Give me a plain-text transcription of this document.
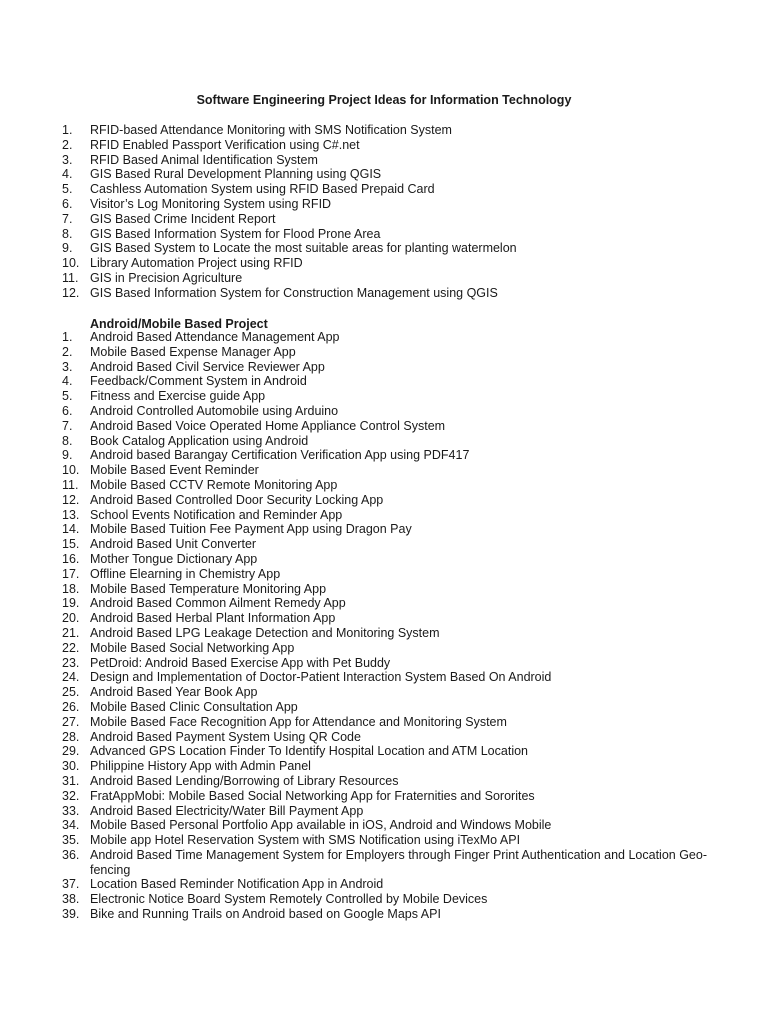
Software Engineering Project Ideas for Information Technology
1.	RFID-based Attendance Monitoring with SMS Notification System
2.	RFID Enabled Passport Verification using C#.net
3.	RFID Based Animal Identification System
4.	GIS Based Rural Development Planning using QGIS
5.	Cashless Automation System using RFID Based Prepaid Card
6.	Visitor’s Log Monitoring System using RFID
7.	GIS Based Crime Incident Report
8.	GIS Based Information System for Flood Prone Area
9.	GIS Based System to Locate the most suitable areas for planting watermelon
10. Library Automation Project using RFID
11. GIS in Precision Agriculture
12. GIS Based Information System for Construction Management using QGIS
Android/Mobile Based Project
1.	Android Based Attendance Management App
2.	Mobile Based Expense Manager App
3.	Android Based Civil Service Reviewer App
4.	Feedback/Comment System in Android
5.	Fitness and Exercise guide App
6.	Android Controlled Automobile using Arduino
7.	Android Based Voice Operated Home Appliance Control System
8.	Book Catalog Application using Android
9.	Android based Barangay Certification Verification App using PDF417
10. Mobile Based Event Reminder
11. Mobile Based CCTV Remote Monitoring App
12. Android Based Controlled Door Security Locking App
13. School Events Notification and Reminder App
14. Mobile Based Tuition Fee Payment App using Dragon Pay
15. Android Based Unit Converter
16. Mother Tongue Dictionary App
17. Offline Elearning in Chemistry App
18. Mobile Based Temperature Monitoring App
19. Android Based Common Ailment Remedy App
20. Android Based Herbal Plant Information App
21. Android Based LPG Leakage Detection and Monitoring System
22. Mobile Based Social Networking App
23. PetDroid: Android Based Exercise App with Pet Buddy
24. Design and Implementation of Doctor-Patient Interaction System Based On Android
25. Android Based Year Book App
26. Mobile Based Clinic Consultation App
27. Mobile Based Face Recognition App for Attendance and Monitoring System
28. Android Based Payment System Using QR Code
29. Advanced GPS Location Finder To Identify Hospital Location and ATM Location
30. Philippine History App with Admin Panel
31. Android Based Lending/Borrowing of Library Resources
32. FratAppMobi: Mobile Based Social Networking App for Fraternities and Sororites
33. Android Based Electricity/Water Bill Payment App
34. Mobile Based Personal Portfolio App available in iOS, Android and Windows Mobile
35. Mobile app Hotel Reservation System with SMS Notification using iTexMo API
36. Android Based Time Management System for Employers through Finger Print Authentication and Location Geo-fencing
37. Location Based Reminder Notification App in Android
38. Electronic Notice Board System Remotely Controlled by Mobile Devices
39. Bike and Running Trails on Android based on Google Maps API
